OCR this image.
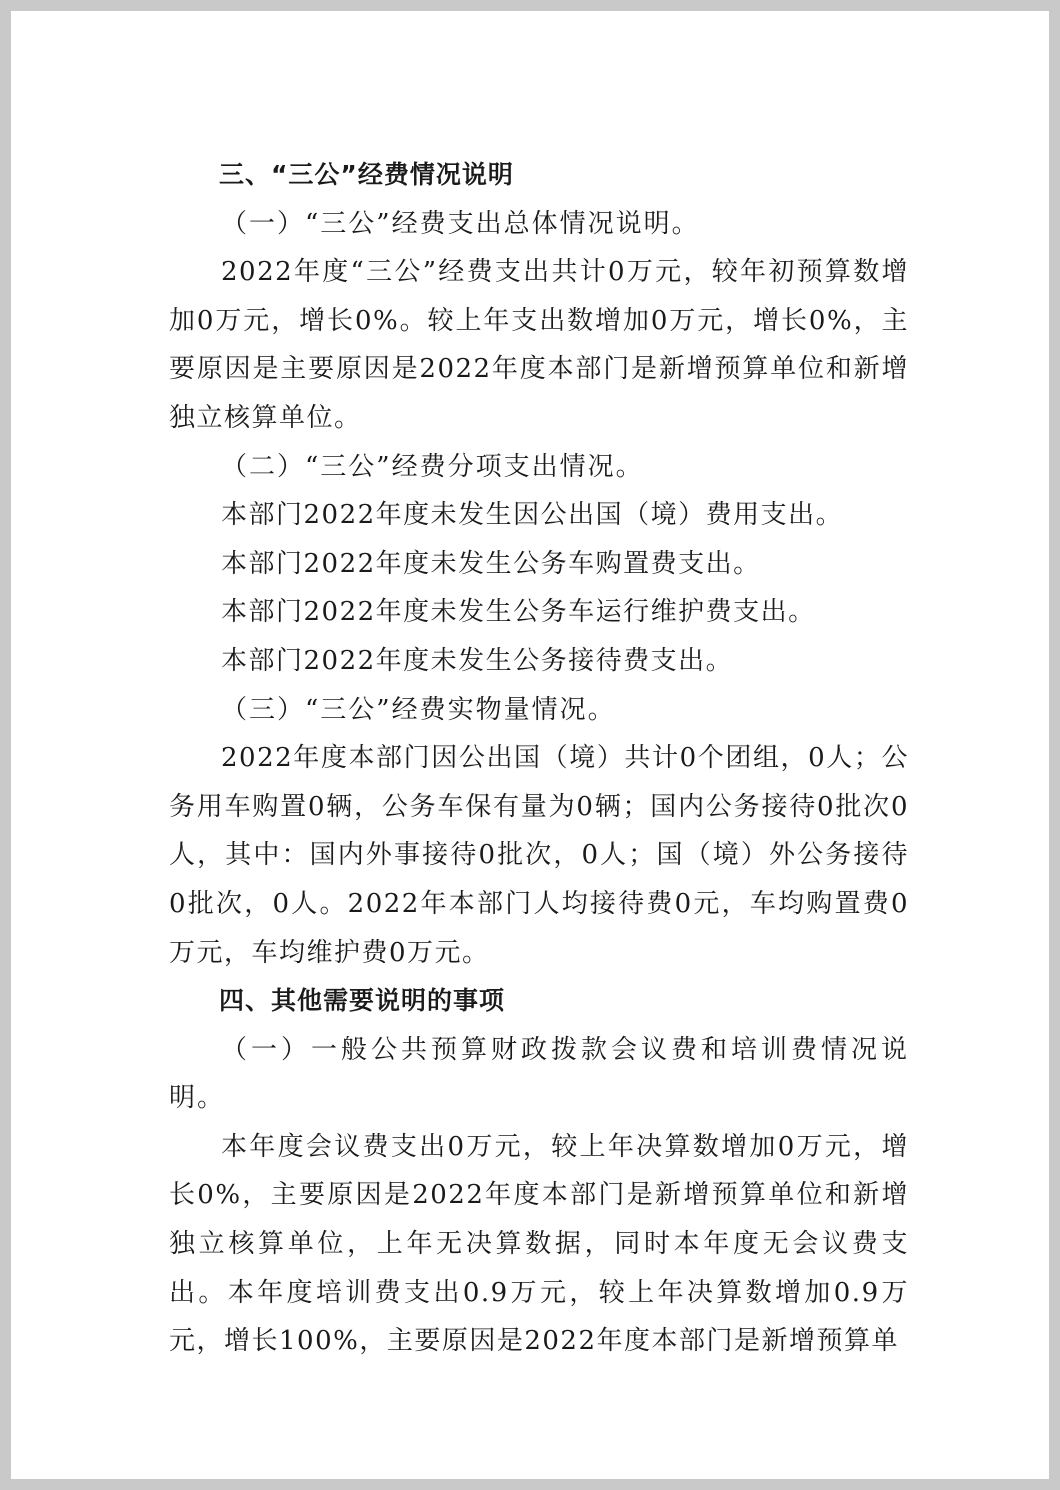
三、“三公”经费情况说明

（一）“三公”经费支出总体情况说明。

2022年度“三公”经费支出共计0万元，较年初预算数增加0万元，增长0%。较上年支出数增加0万元，增长0%，主要原因是主要原因是2022年度本部门是新增预算单位和新增独立核算单位。

（二）“三公”经费分项支出情况。

本部门2022年度未发生因公出国（境）费用支出。

本部门2022年度未发生公务车购置费支出。

本部门2022年度未发生公务车运行维护费支出。

本部门2022年度未发生公务接待费支出。

（三）“三公”经费实物量情况。

2022年度本部门因公出国（境）共计0个团组，0人；公务用车购置0辆，公务车保有量为0辆；国内公务接待0批次0人，其中：国内外事接待0批次，0人；国（境）外公务接待0批次，0人。2022年本部门人均接待费0元，车均购置费0万元，车均维护费0万元。

四、其他需要说明的事项

（一）一般公共预算财政拨款会议费和培训费情况说明。

本年度会议费支出0万元，较上年决算数增加0万元，增长0%，主要原因是2022年度本部门是新增预算单位和新增独立核算单位，上年无决算数据，同时本年度无会议费支出。本年度培训费支出0.9万元，较上年决算数增加0.9万元，增长100%，主要原因是2022年度本部门是新增预算单
